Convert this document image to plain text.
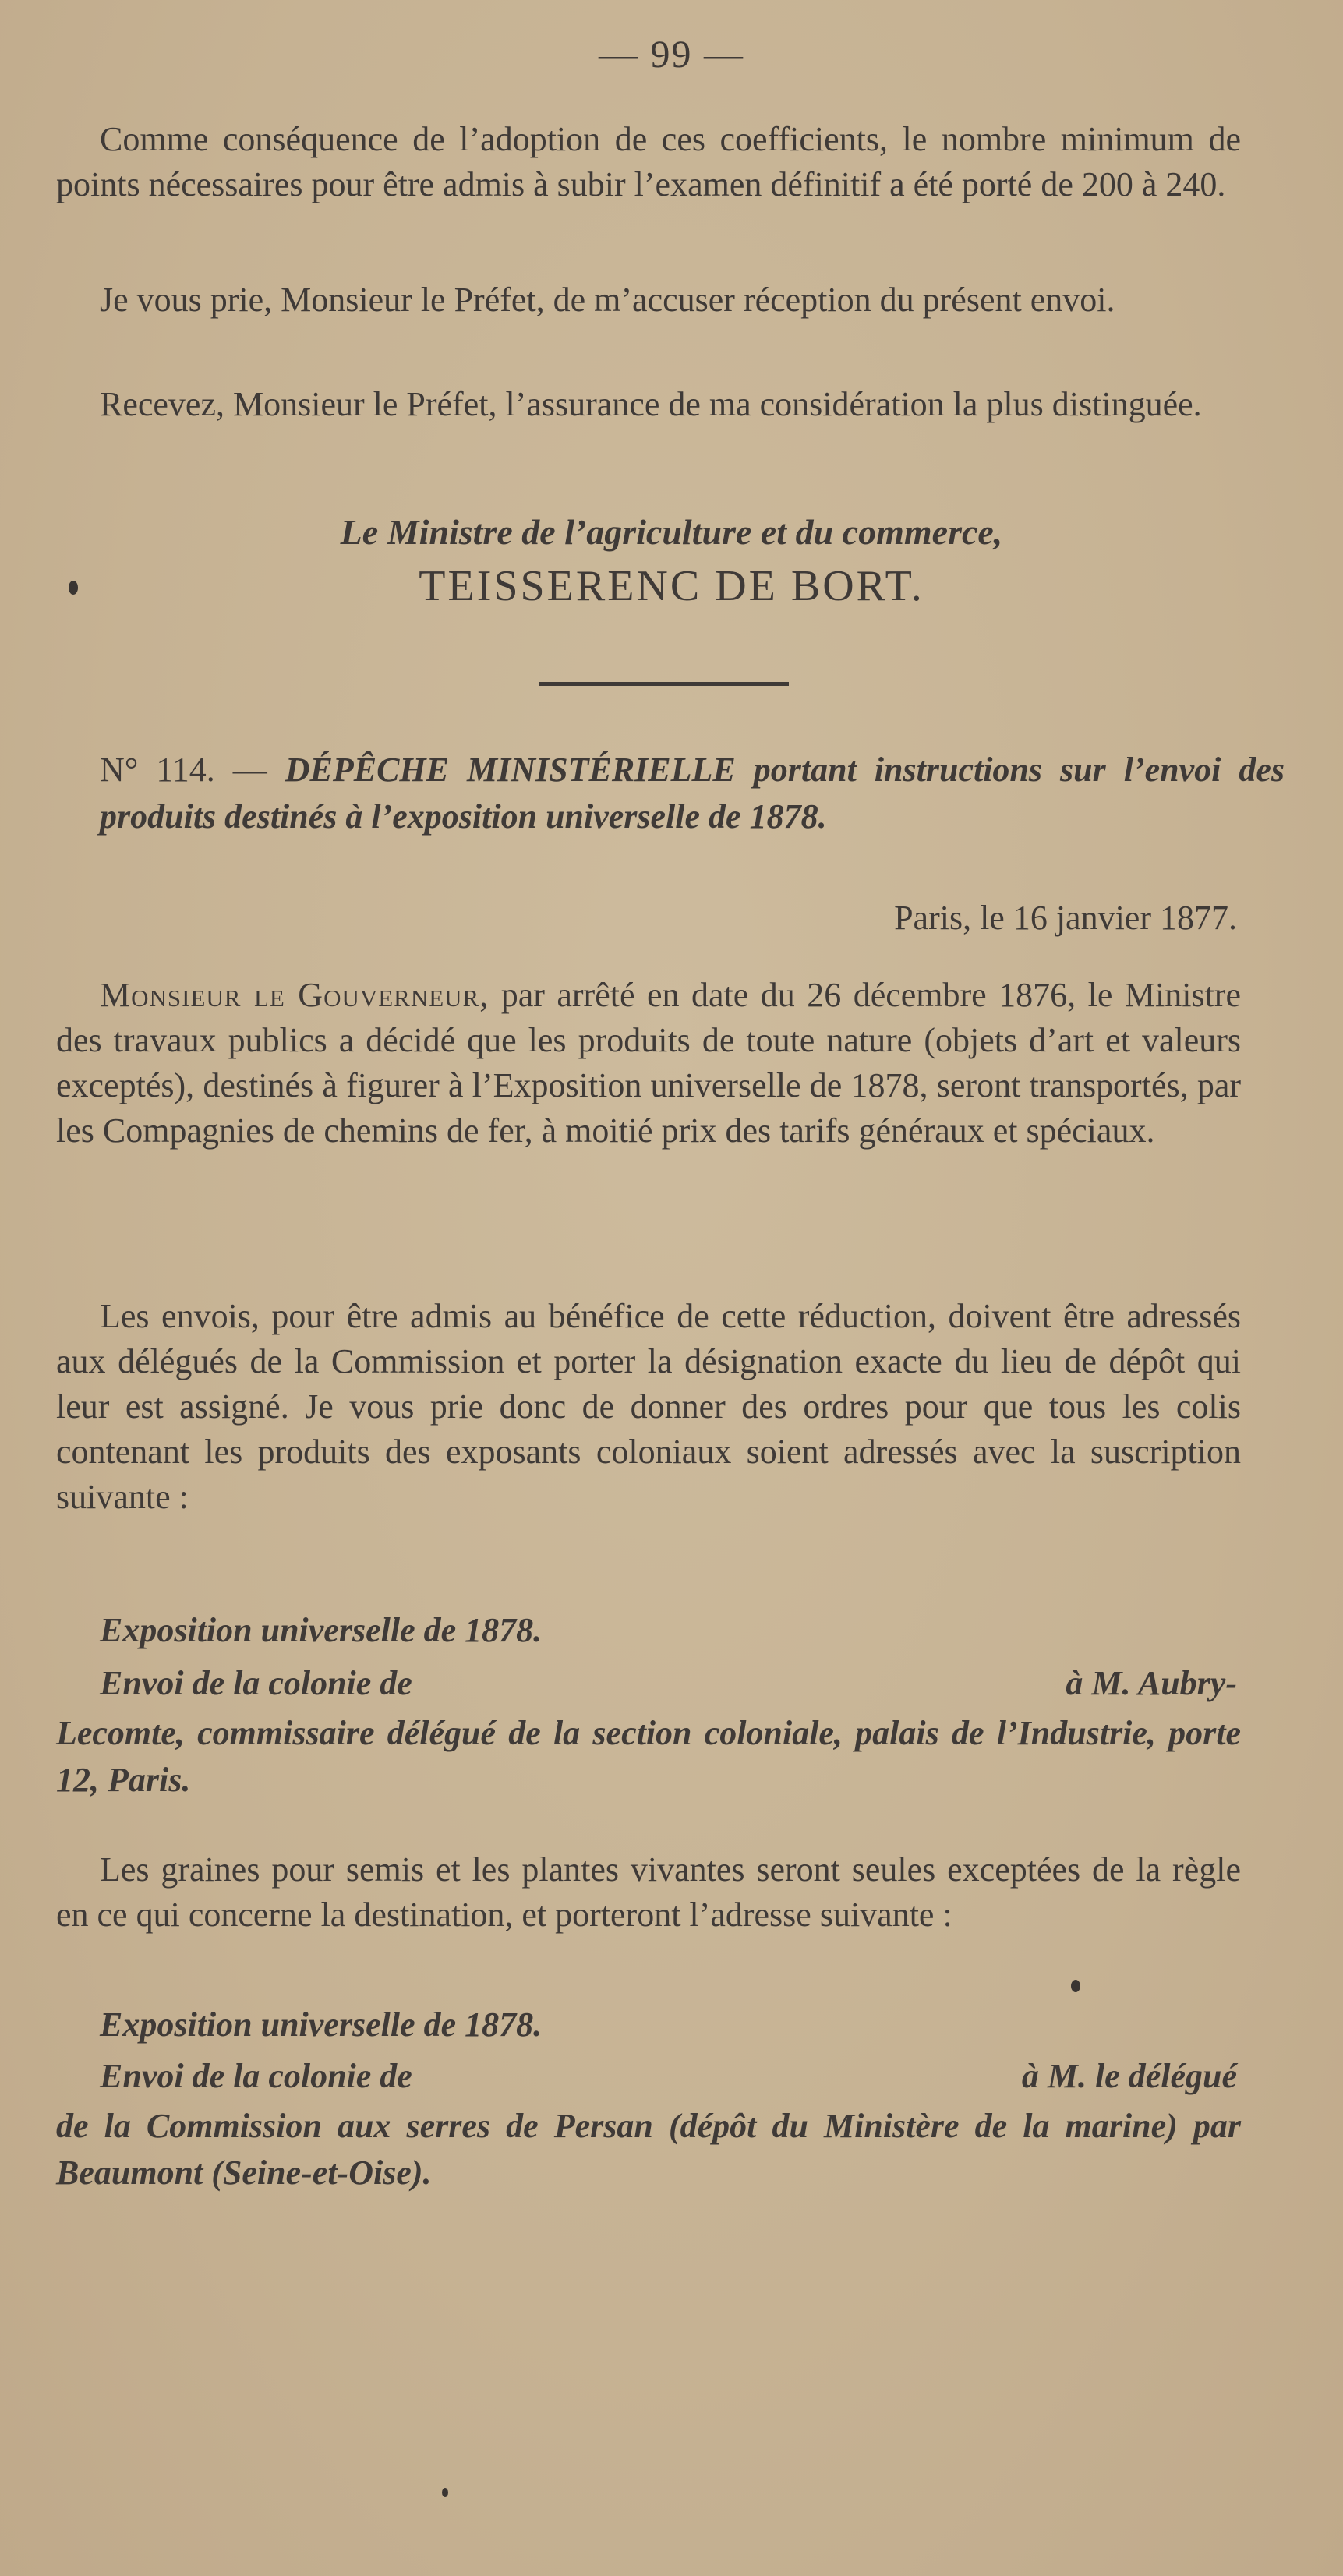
— 99 —
Comme conséquence de l’adoption de ces coefficients, le nombre minimum de points nécessaires pour être admis à subir l’examen définitif a été porté de 200 à 240.
Je vous prie, Monsieur le Préfet, de m’accuser réception du présent envoi.
Recevez, Monsieur le Préfet, l’assurance de ma considération la plus distinguée.
Le Ministre de l’agriculture et du commerce,
TEISSERENC DE BORT.
N° 114. — DÉPÊCHE MINISTÉRIELLE portant instructions sur l’envoi des produits destinés à l’exposition universelle de 1878.
Paris, le 16 janvier 1877.
Monsieur le Gouverneur, par arrêté en date du 26 décembre 1876, le Ministre des travaux publics a décidé que les produits de toute nature (objets d’art et valeurs exceptés), destinés à figurer à l’Exposition universelle de 1878, seront transportés, par les Compagnies de chemins de fer, à moitié prix des tarifs généraux et spéciaux.
Les envois, pour être admis au bénéfice de cette réduction, doivent être adressés aux délégués de la Commission et porter la désignation exacte du lieu de dépôt qui leur est assigné. Je vous prie donc de donner des ordres pour que tous les colis contenant les produits des exposants coloniaux soient adressés avec la suscription suivante :
Exposition universelle de 1878.
Envoi de la colonie de	à M. Aubry-
Lecomte, commissaire délégué de la section coloniale, palais de l’Industrie, porte 12, Paris.
Les graines pour semis et les plantes vivantes seront seules exceptées de la règle en ce qui concerne la destination, et porteront l’adresse suivante :
Exposition universelle de 1878.
Envoi de la colonie de	à M. le délégué
de la Commission aux serres de Persan (dépôt du Ministère de la marine) par Beaumont (Seine-et-Oise).
